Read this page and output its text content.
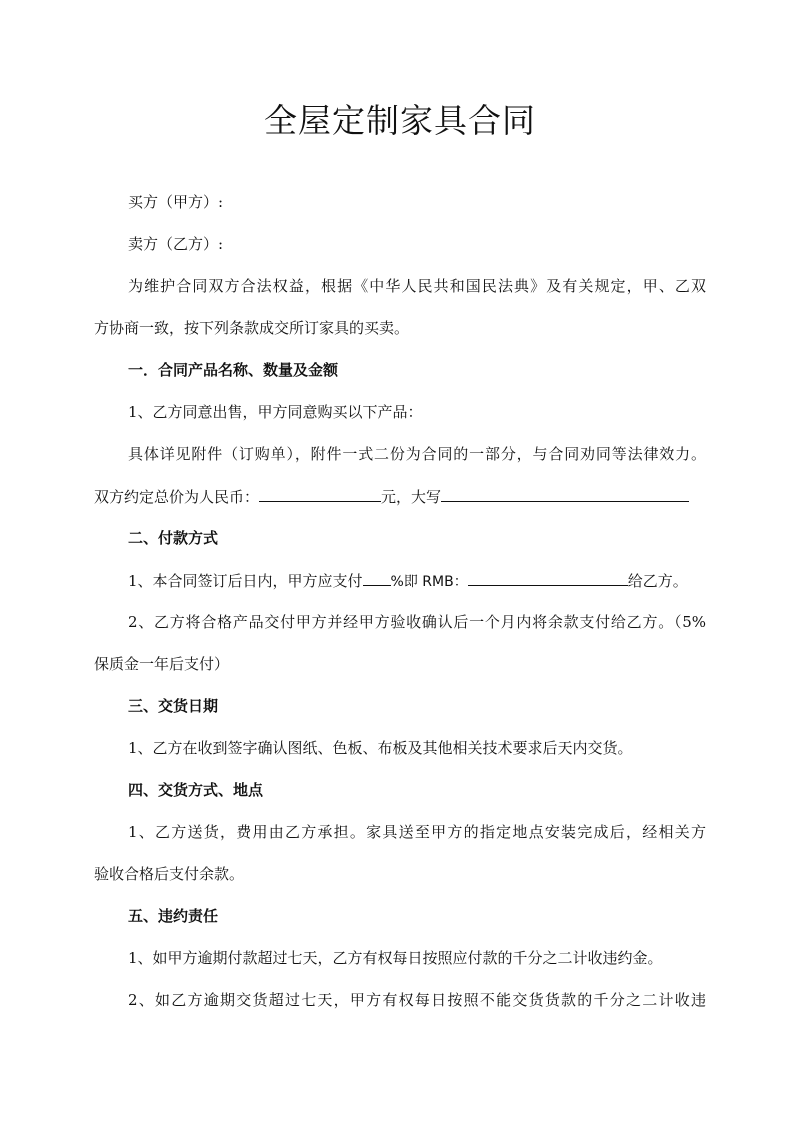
全屋定制家具合同
买方（甲方）:
卖方（乙方）:
为维护合同双方合法权益，根据《中华人民共和国民法典》及有关规定，甲、乙双
方协商一致，按下列条款成交所订家具的买卖。
一．合同产品名称、数量及金额
1、乙方同意出售，甲方同意购买以下产品：
具体详见附件（订购单），附件一式二份为合同的一部分，与合同劝同等法律效力。
双方约定总价为人民币：	元，大写
二、付款方式
1、本合同签订后日内，甲方应支付 %即 RMB：	给乙方。
2、乙方将合格产品交付甲方并经甲方验收确认后一个月内将余款支付给乙方。（5%
保质金一年后支付）
三、交货日期
1、乙方在收到签字确认图纸、色板、布板及其他相关技术要求后天内交货。
四、交货方式、地点
1、乙方送货，费用由乙方承担。家具送至甲方的指定地点安装完成后，经相关方
验收合格后支付余款。
五、违约责任
1、如甲方逾期付款超过七天，乙方有权每日按照应付款的千分之二计收违约金。
2、如乙方逾期交货超过七天，甲方有权每日按照不能交货货款的千分之二计收违
